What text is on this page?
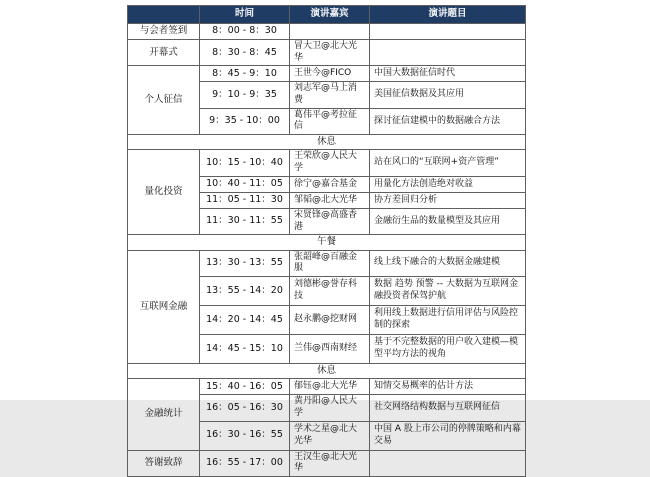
	时间	演讲嘉宾	演讲题目
与会者签到	8：00 - 8：30		
开幕式	8：30 - 8：45	冒大卫@北大光华	
个人征信	8：45 - 9：10	王世今@FICO	中国大数据征信时代
	9：10 - 9：35	刘志军@马上消费	美国征信数据及其应用
	9：35 - 10：00	葛伟平@考拉征信	探讨征信建模中的数据融合方法
休息			
量化投资	10：15 - 10：40	王荣欣@人民大学	站在风口的“互联网+资产管理”
	10：40 - 11：05	徐宁@嘉合基金	用量化方法创造绝对收益
	11：05 - 11：30	邹韬@北大光华	协方差回归分析
	11：30 - 11：55	宋贤锋@高盛香港	金融衍生品的数量模型及其应用
午餐			
互联网金融	13：30 - 13：55	张韶峰@百融金服	线上线下融合的大数据金融建模
	13：55 - 14：20	刘德彬@誉存科技	数据 趋势 预警 -- 大数据为互联网金融投资者保驾护航
	14：20 - 14：45	赵永鹏@挖财网	利用线上数据进行信用评估与风险控制的探索
	14：45 - 15：10	兰伟@西南财经	基于不完整数据的用户收入建模—模型平均方法的视角
休息			
金融统计	15：40 - 16：05	郁钰@北大光华	知情交易概率的估计方法
	16：05 - 16：30	黄丹阳@人民大学	社交网络结构数据与互联网征信
	16：30 - 16：55	学术之星@北大光华	中国 A 股上市公司的停牌策略和内幕交易
答谢致辞	16：55 - 17：00	王汉生@北大光华	
